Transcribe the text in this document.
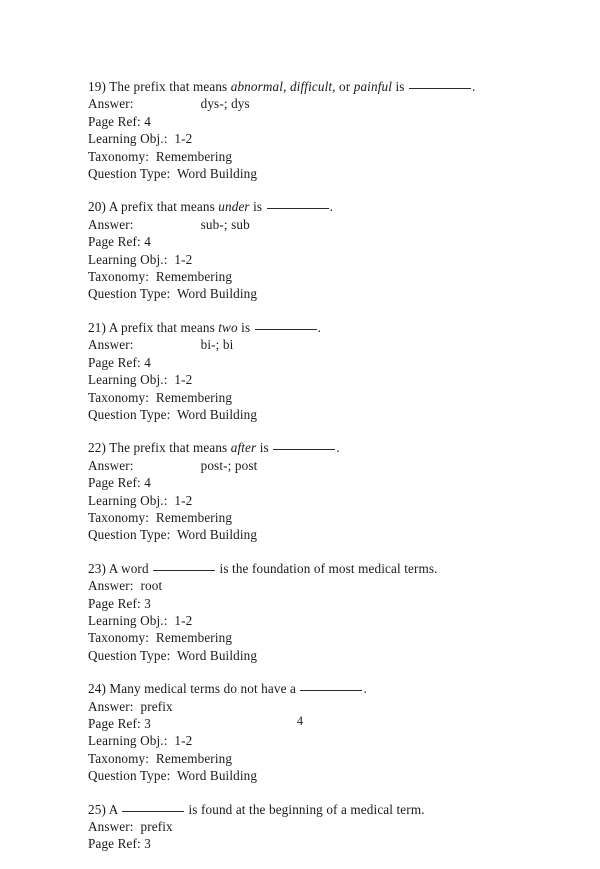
19) The prefix that means abnormal, difficult, or painful is	.
Answer:	dys-; dys
Page Ref: 4
Learning Obj.:  1-2
Taxonomy:  Remembering
Question Type:  Word Building
20) A prefix that means under is	.
Answer:	sub-; sub
Page Ref: 4
Learning Obj.:  1-2
Taxonomy:  Remembering
Question Type:  Word Building
21) A prefix that means two is	.
Answer:	bi-; bi
Page Ref: 4
Learning Obj.:  1-2
Taxonomy:  Remembering
Question Type:  Word Building
22) The prefix that means after is	.
Answer:	post-; post
Page Ref: 4
Learning Obj.:  1-2
Taxonomy:  Remembering
Question Type:  Word Building
23) A word	is the foundation of most medical terms.
Answer:  root
Page Ref: 3
Learning Obj.:  1-2
Taxonomy:  Remembering
Question Type:  Word Building
24) Many medical terms do not have a	.
Answer:  prefix
Page Ref: 3
Learning Obj.:  1-2
Taxonomy:  Remembering
Question Type:  Word Building
25) A	is found at the beginning of a medical term.
Answer:  prefix
Page Ref: 3
4
